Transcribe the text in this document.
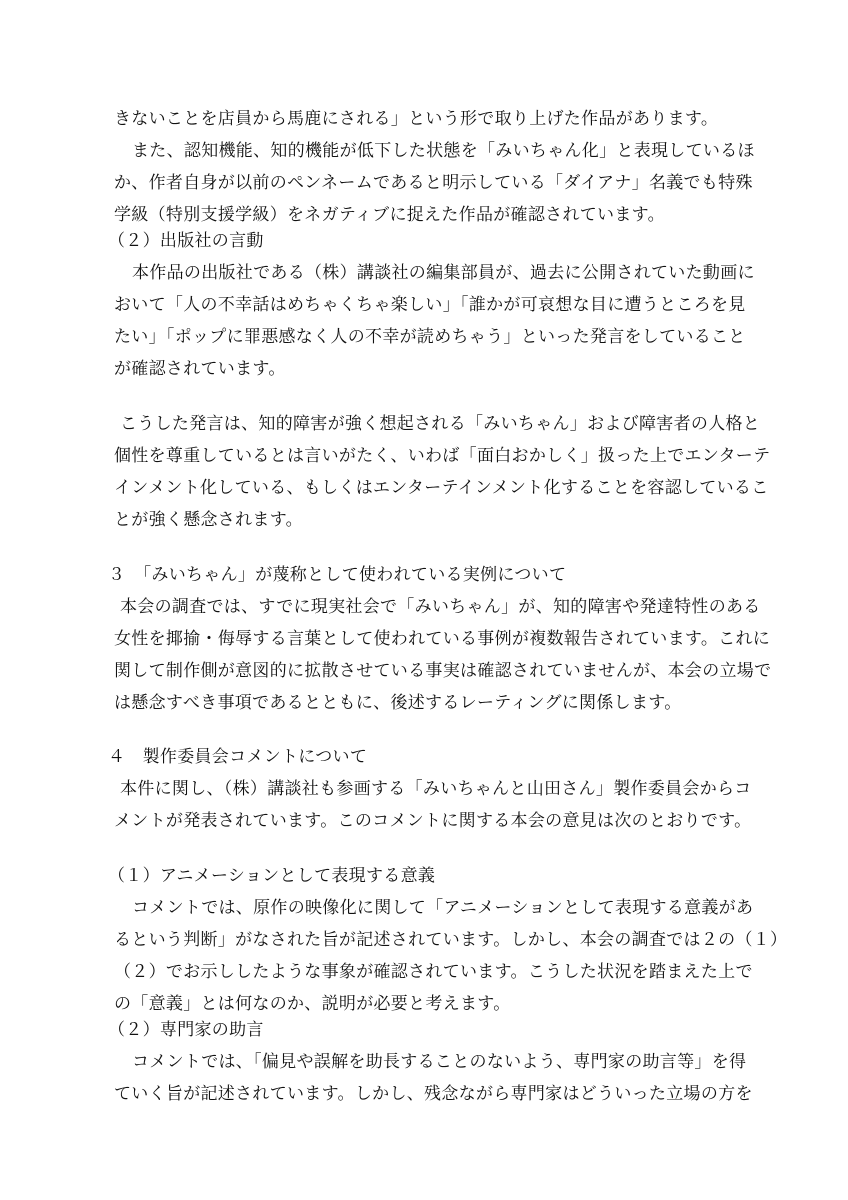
きないことを店員から馬鹿にされる」という形で取り上げた作品があります。
また、認知機能、知的機能が低下した状態を「みいちゃん化」と表現しているほ
か、作者自身が以前のペンネームであると明示している「ダイアナ」名義でも特殊
学級（特別支援学級）をネガティブに捉えた作品が確認されています。
（２）出版社の言動
本作品の出版社である（株）講談社の編集部員が、過去に公開されていた動画に
おいて「人の不幸話はめちゃくちゃ楽しい」「誰かが可哀想な目に遭うところを見
たい」「ポップに罪悪感なく人の不幸が読めちゃう」といった発言をしていること
が確認されています。
こうした発言は、知的障害が強く想起される「みいちゃん」および障害者の人格と
個性を尊重しているとは言いがたく、いわば「面白おかしく」扱った上でエンターテ
インメント化している、もしくはエンターテインメント化することを容認しているこ
とが強く懸念されます。
３　「みいちゃん」が蔑称として使われている実例について
本会の調査では、すでに現実社会で「みいちゃん」が、知的障害や発達特性のある
女性を揶揄・侮辱する言葉として使われている事例が複数報告されています。これに
関して制作側が意図的に拡散させている事実は確認されていませんが、本会の立場で
は懸念すべき事項であるとともに、後述するレーティングに関係します。
４　製作委員会コメントについて
本件に関し、（株）講談社も参画する「みいちゃんと山田さん」製作委員会からコ
メントが発表されています。このコメントに関する本会の意見は次のとおりです。
（１）アニメーションとして表現する意義
コメントでは、原作の映像化に関して「アニメーションとして表現する意義があ
るという判断」がなされた旨が記述されています。しかし、本会の調査では２の（１）
（２）でお示ししたような事象が確認されています。こうした状況を踏まえた上で
の「意義」とは何なのか、説明が必要と考えます。
（２）専門家の助言
コメントでは、「偏見や誤解を助長することのないよう、専門家の助言等」を得
ていく旨が記述されています。しかし、残念ながら専門家はどういった立場の方を
